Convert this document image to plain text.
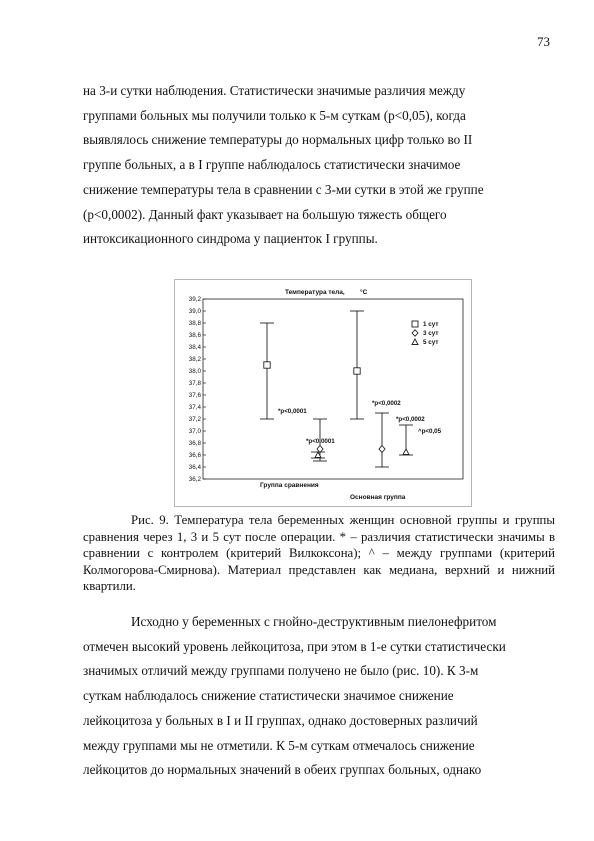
73
на 3-и сутки наблюдения. Статистически значимые различия между
группами больных мы получили только к 5-м суткам (р<0,05), когда
выявлялось снижение температуры до нормальных цифр только во II
группе больных, а в I группе наблюдалось статистически значимое
снижение температуры тела в сравнении с 3-ми сутки в этой же группе
(р<0,0002). Данный факт указывает на большую тяжесть общего
интоксикационного синдрома у пациенток I группы.
Температура тела, °С
39,2
39,0
38,8
38,6
38,4
38,2
38,0
37,8
37,6
37,4
37,2
37,0
36,8
36,6
36,4
36,2
*p<0,0001
*p<0,0002
*p<0,0001
*p<0,0002
^p<0,05
1 сут
3 сут
5 сут
Группа сравнения
Основная группа

Рис. 9. Температура тела беременных женщин основной группы и группы сравнения через 1, 3 и 5 сут после операции. * – различия статистически значимы в сравнении с контролем (критерий Вилкоксона); ^ – между группами (критерий Колмогорова-Смирнова). Материал представлен как медиана, верхний и нижний квартили.

Исходно у беременных с гнойно-деструктивным пиелонефритом
отмечен высокий уровень лейкоцитоза, при этом в 1-е сутки статистически
значимых отличий между группами получено не было (рис. 10). К 3-м
суткам наблюдалось снижение статистически значимое снижение
лейкоцитоза у больных в I и II группах, однако достоверных различий
между группами мы не отметили. К 5-м суткам отмечалось снижение
лейкоцитов до нормальных значений в обеих группах больных, однако
